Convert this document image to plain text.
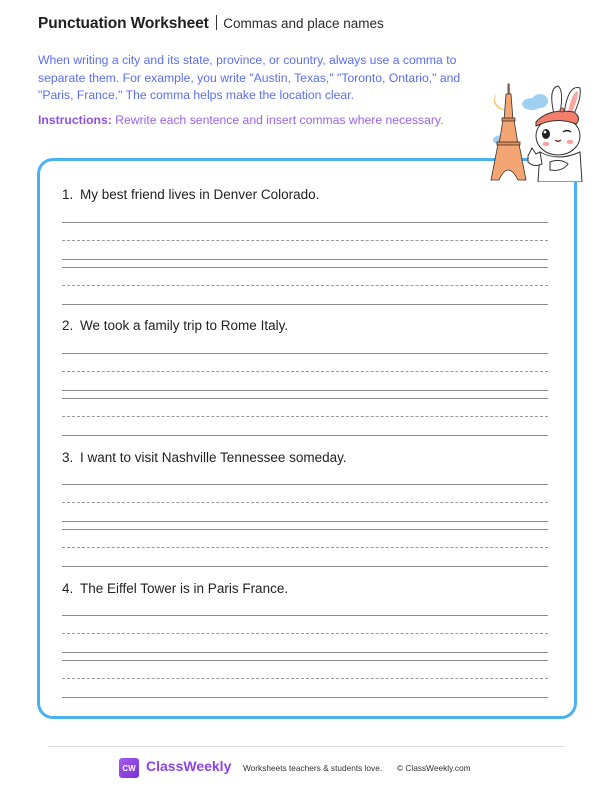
Punctuation Worksheet Commas and place names

When writing a city and its state, province, or country, always use a comma to separate them. For example, you write "Austin, Texas," "Toronto, Ontario," and "Paris, France." The comma helps make the location clear.

Instructions: Rewrite each sentence and insert commas where necessary.

1. My best friend lives in Denver Colorado.
2. We took a family trip to Rome Italy.
3. I want to visit Nashville Tennessee someday.
4. The Eiffel Tower is in Paris France.
CW ClassWeekly Worksheets teachers & students love. © ClassWeekly.com
